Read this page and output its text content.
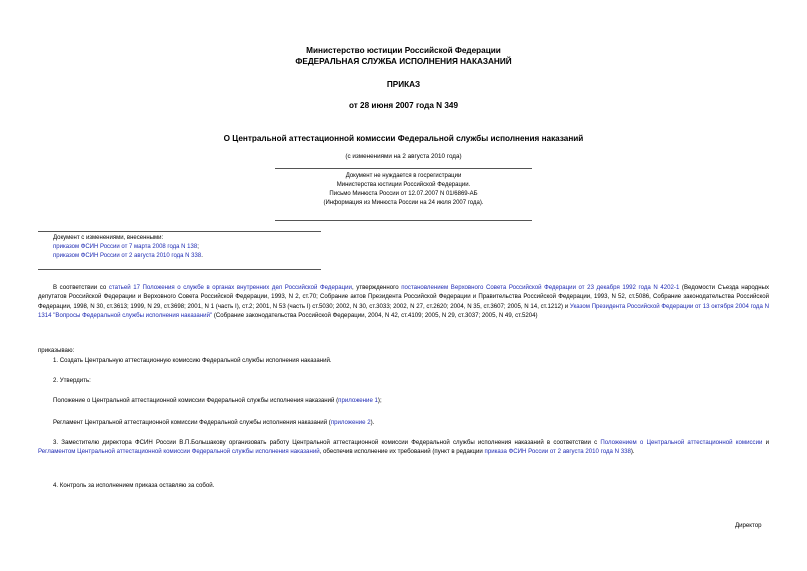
Министерство юстиции Российской Федерации
ФЕДЕРАЛЬНАЯ СЛУЖБА ИСПОЛНЕНИЯ НАКАЗАНИЙ
ПРИКАЗ
от 28 июня 2007 года N 349
О Центральной аттестационной комиссии Федеральной службы исполнения наказаний
(с изменениями на 2 августа 2010 года)
Документ не нуждается в госрегистрации
Министерства юстиции Российской Федерации.
Письмо Минюста России от 12.07.2007 N 01/6869-АБ
(Информация из Минюста России на 24 июля 2007 года).
Документ с изменениями, внесенными:
приказом ФСИН России от 7 марта 2008 года N 138;
приказом ФСИН России от 2 августа 2010 года N 338.
В соответствии со статьей 17 Положения о службе в органах внутренних дел Российской Федерации, утвержденного постановлением Верховного Совета Российской Федерации от 23 декабря 1992 года N 4202-1 (Ведомости Съезда народных депутатов Российской Федерации и Верховного Совета Российской Федерации, 1993, N 2, ст.70; Собрание актов Президента Российской Федерации и Правительства Российской Федерации, 1993, N 52, ст.5086, Собрание законодательства Российской Федерации, 1998, N 30, ст.3613; 1999, N 29, ст.3698; 2001, N 1 (часть I), ст.2; 2001, N 53 (часть I) ст.5030; 2002, N 30, ст.3033; 2002, N 27, ст.2620; 2004, N 35, ст.3607; 2005, N 14, ст.1212) и Указом Президента Российской Федерации от 13 октября 2004 года N 1314 "Вопросы Федеральной службы исполнения наказаний" (Собрание законодательства Российской Федерации, 2004, N 42, ст.4109; 2005, N 29, ст.3037; 2005, N 49, ст.5204)
приказываю:
1. Создать Центральную аттестационную комиссию Федеральной службы исполнения наказаний.
2. Утвердить:
Положение о Центральной аттестационной комиссии Федеральной службы исполнения наказаний (приложение 1);
Регламент Центральной аттестационной комиссии Федеральной службы исполнения наказаний (приложение 2).
3. Заместителю директора ФСИН России В.П.Большакову организовать работу Центральной аттестационной комиссии Федеральной службы исполнения наказаний в соответствии с Положением о Центральной аттестационной комиссии и Регламентом Центральной аттестационной комиссии Федеральной службы исполнения наказаний, обеспечив исполнение их требований (пункт в редакции приказа ФСИН России от 2 августа 2010 года N 338).
4. Контроль за исполнением приказа оставляю за собой.
Директор
